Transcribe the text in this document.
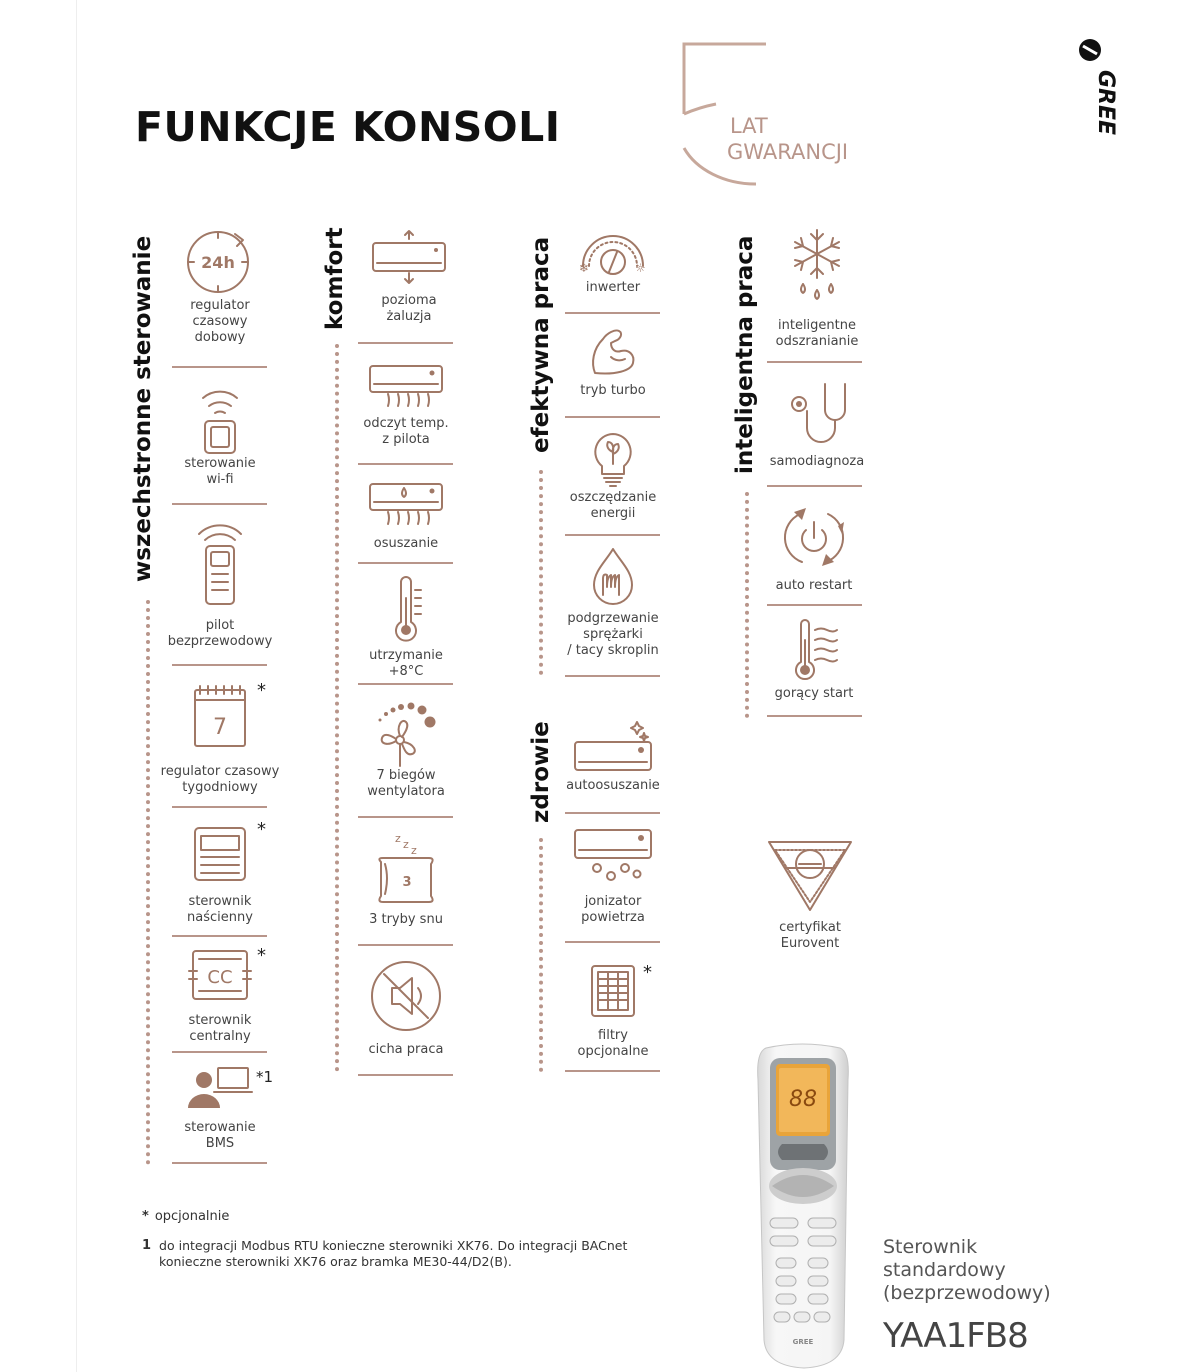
FUNKCJE KONSOLI	LAT
GWARANCJI
GREE
wszechstronne sterowanie	komfort	efektywna praca
zdrowie
inteligentna praca
24h
regulator
czasowy
dobowy
sterowanie
wi-fi
pilot
bezprzewodowy
7
regulator czasowy
tygodniowy
*
sterownik
naścienny
*
CC
sterownik
centralny
*
sterowanie
BMS
*1
pozioma
żaluzja
odczyt temp.
z pilota
osuszanie
utrzymanie
+8°C
7 biegów
wentylatora
z z z
3
3 tryby snu
cicha praca
❄	☼
inwerter
tryb turbo
oszczędzanie
energii
podgrzewanie
sprężarki
/ tacy skroplin
autoosuszanie
jonizator
powietrza
filtry
opcjonalne
*
inteligentne
odszranianie
samodiagnoza
auto restart
gorący start
certyfikat
Eurovent
* opcjonalnie
1 do integracji Modbus RTU konieczne sterowniki XK76. Do integracji BACnet
konieczne sterowniki XK76 oraz bramka ME30-44/D2(B).
88
GREE
Sterownik
standardowy
(bezprzewodowy)
YAA1FB8
